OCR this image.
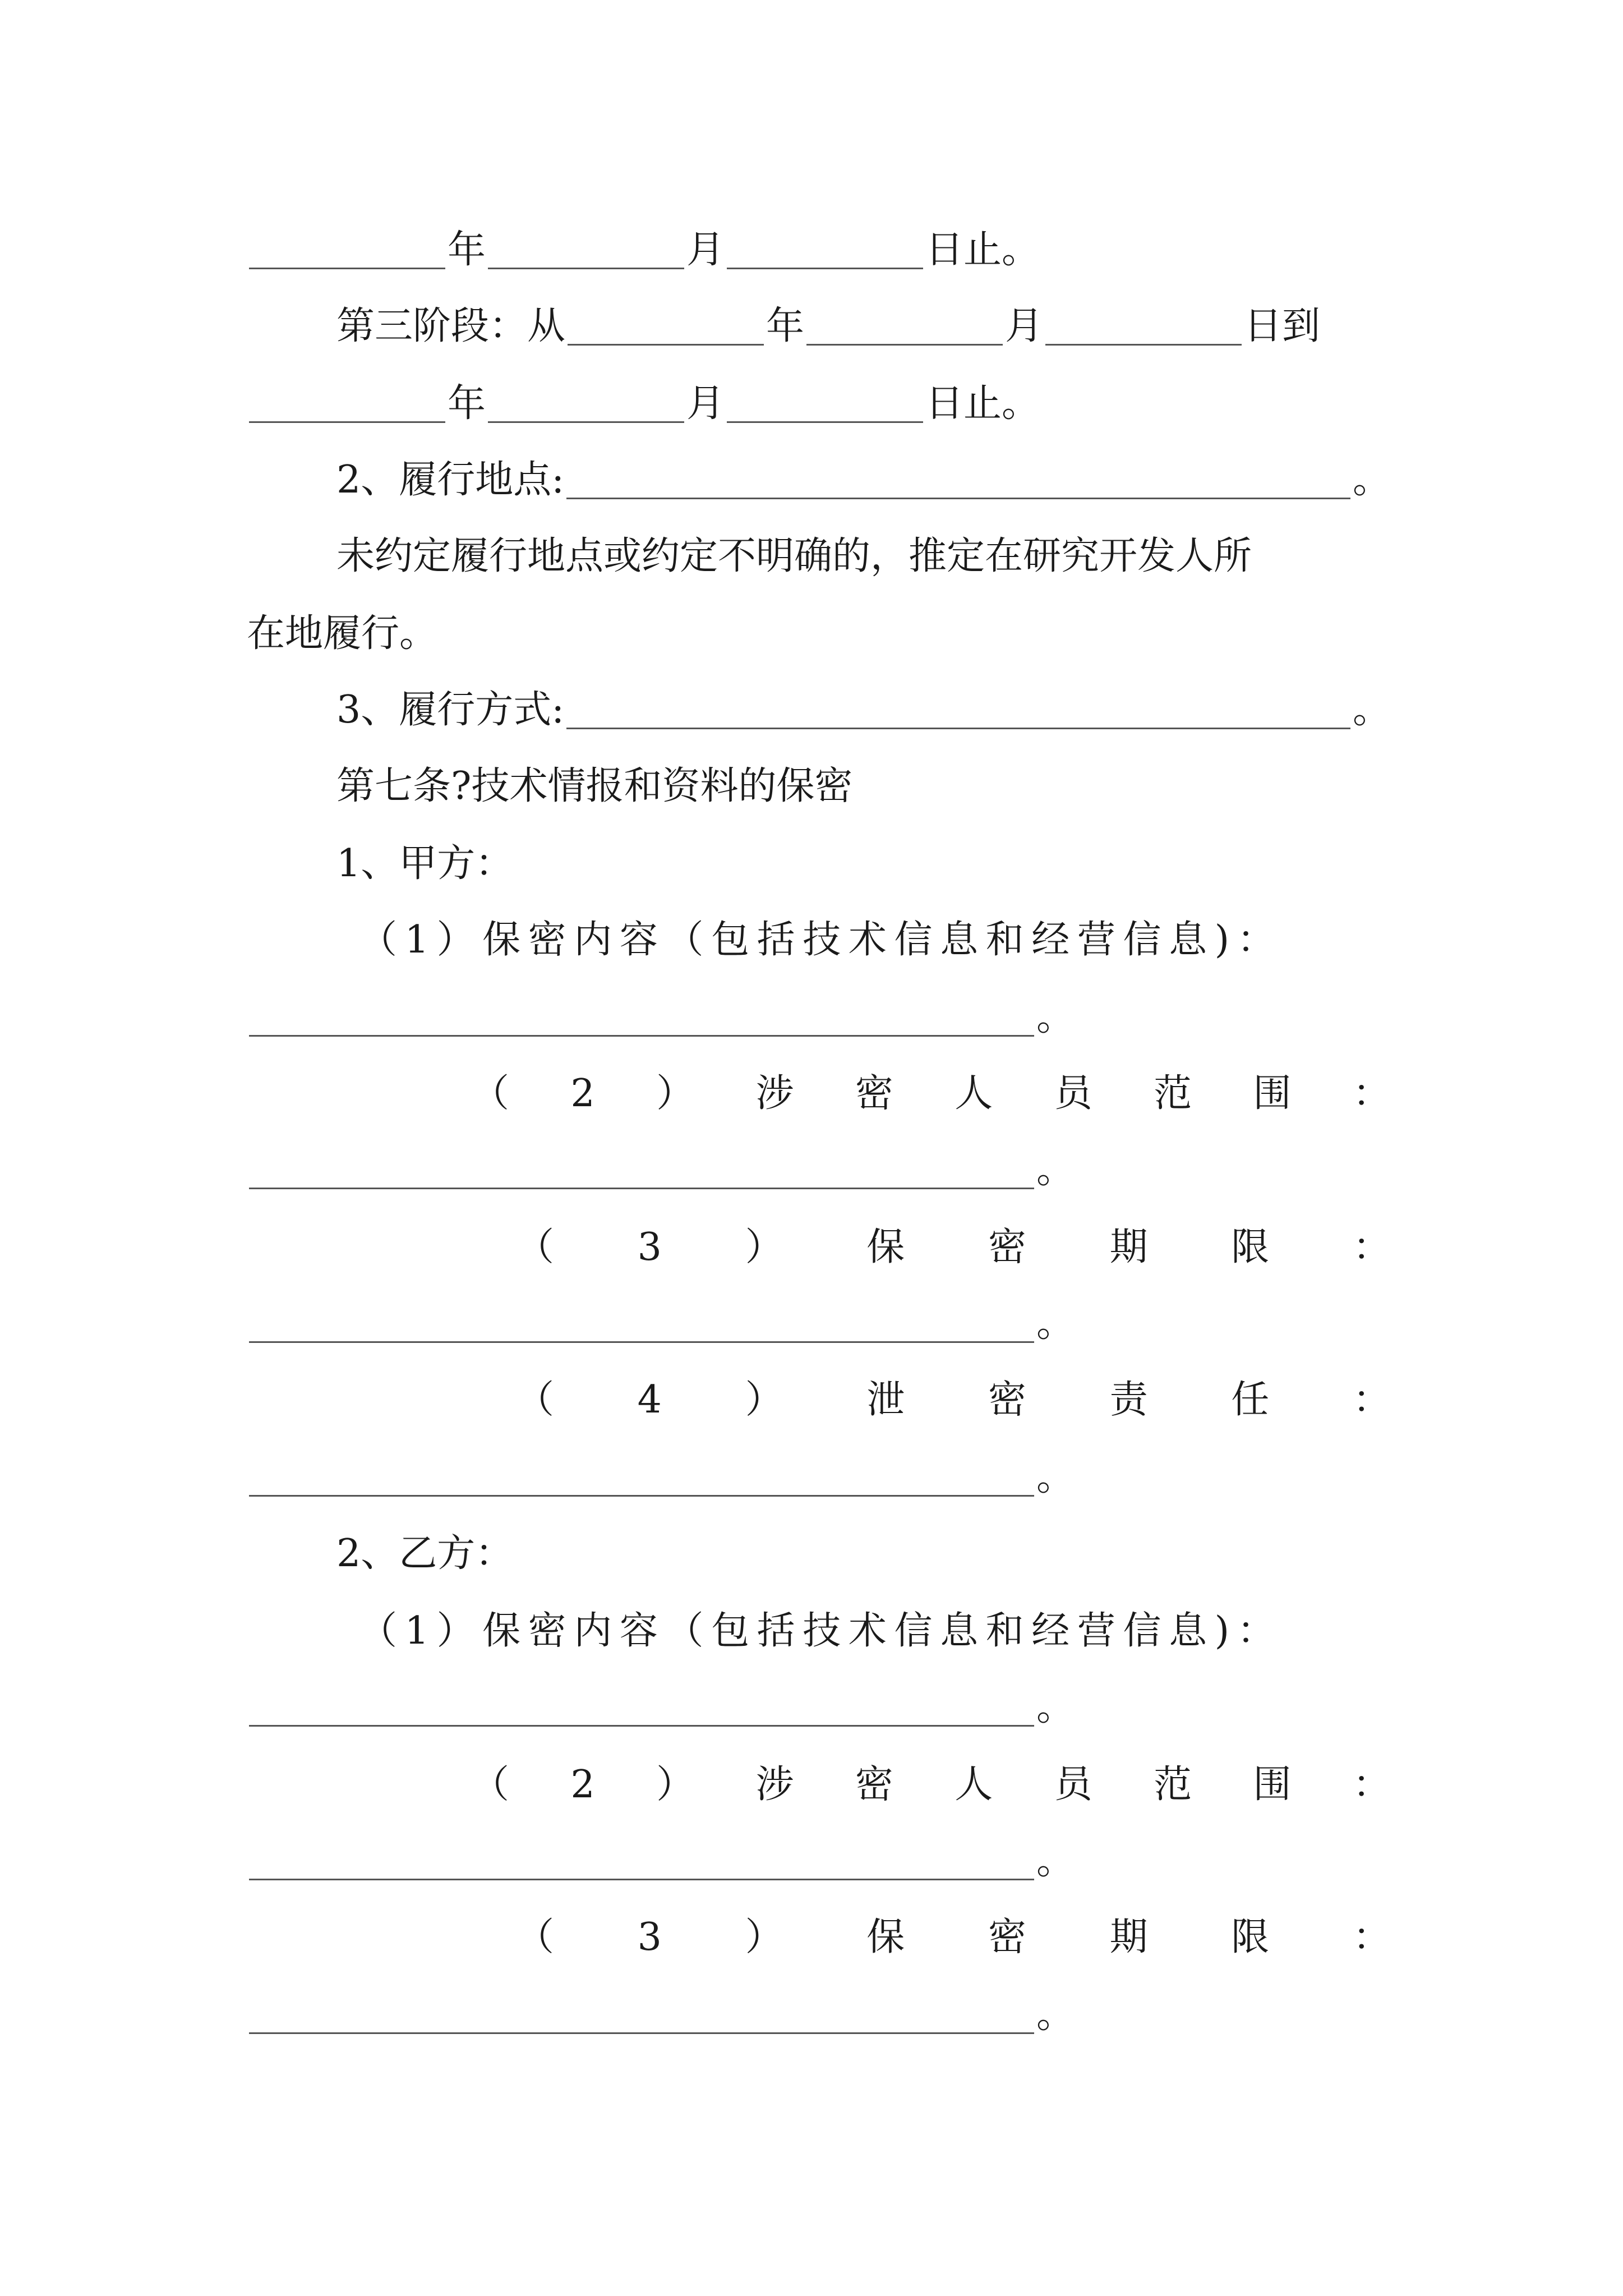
年	月	日止。
第三阶段：从	年	月	日到
年	月	日止。
2、履行地点:	。
未约定履行地点或约定不明确的，推定在研究开发人所
在地履行。
3、履行方式:	。
第七条?技术情报和资料的保密
1、甲方：
（1）保密内容（包括技术信息和经营信息)：
。
（ 2 ） 涉 密 人 员 范 围 ：
。
（ 3 ） 保 密 期 限 ：
。
（ 4 ） 泄 密 责 任 ：
。
2、乙方：
（1）保密内容（包括技术信息和经营信息)：
。
（ 2 ） 涉 密 人 员 范 围 ：
。
（ 3 ） 保 密 期 限 ：
。
